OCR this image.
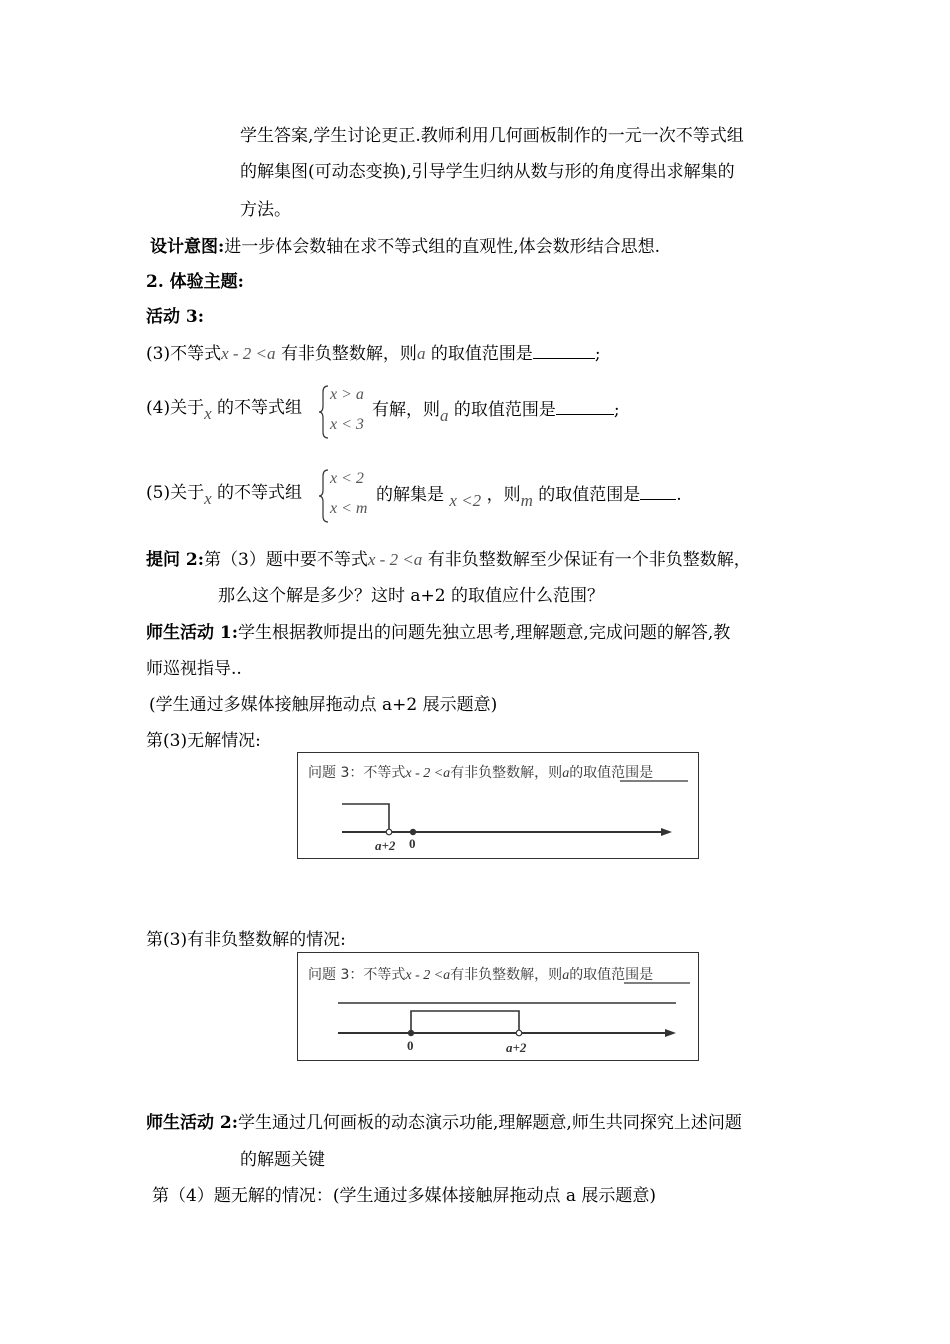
学生答案,学生讨论更正.教师利用几何画板制作的一元一次不等式组
的解集图(可动态变换),引导学生归纳从数与形的角度得出求解集的
方法。
设计意图:进一步体会数轴在求不等式组的直观性,体会数形结合思想.
2. 体验主题:
活动 3:
(3)不等式x - 2 <a 有非负整数解，则a 的取值范围是	;
(4)关于x 的不等式组
x > a
x < 3
有解，则a 的取值范围是	;
(5)关于x 的不等式组
x < 2
x < m
的解集是 x <2 ，则m 的取值范围是 .
提问 2:第（3）题中要不等式x - 2 <a 有非负整数解至少保证有一个非负整数解，
那么这个解是多少？这时 a+2 的取值应什么范围？
师生活动 1:学生根据教师提出的问题先独立思考,理解题意,完成问题的解答,教
师巡视指导..
(学生通过多媒体接触屏拖动点 a+2 展示题意)
第(3)无解情况:
问题 3：不等式x - 2 <a有非负整数解，则a的取值范围是
a+2 0
第(3)有非负整数解的情况:
问题 3：不等式x - 2 <a有非负整数解，则a的取值范围是
0	a+2
师生活动 2:学生通过几何画板的动态演示功能,理解题意,师生共同探究上述问题
的解题关键
第（4）题无解的情况：(学生通过多媒体接触屏拖动点 a 展示题意)
